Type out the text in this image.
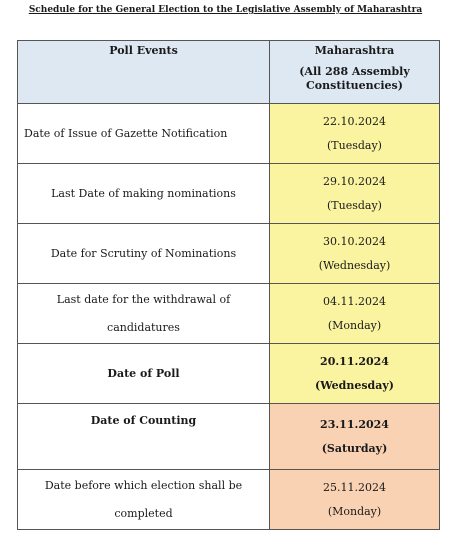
Schedule for the General Election to the Legislative Assembly of Maharashtra
Poll Events	Maharashtra
(All 288 Assembly Constituencies)

Date of Issue of Gazette Notification	22.10.2024
(Tuesday)

Last Date of making nominations	29.10.2024
(Tuesday)

Date for Scrutiny of Nominations	30.10.2024
(Wednesday)

Last date for the withdrawal of candidatures	04.11.2024
(Monday)

Date of Poll	20.11.2024
(Wednesday)

Date of Counting	23.11.2024
(Saturday)

Date before which election shall be completed	25.11.2024
(Monday)
